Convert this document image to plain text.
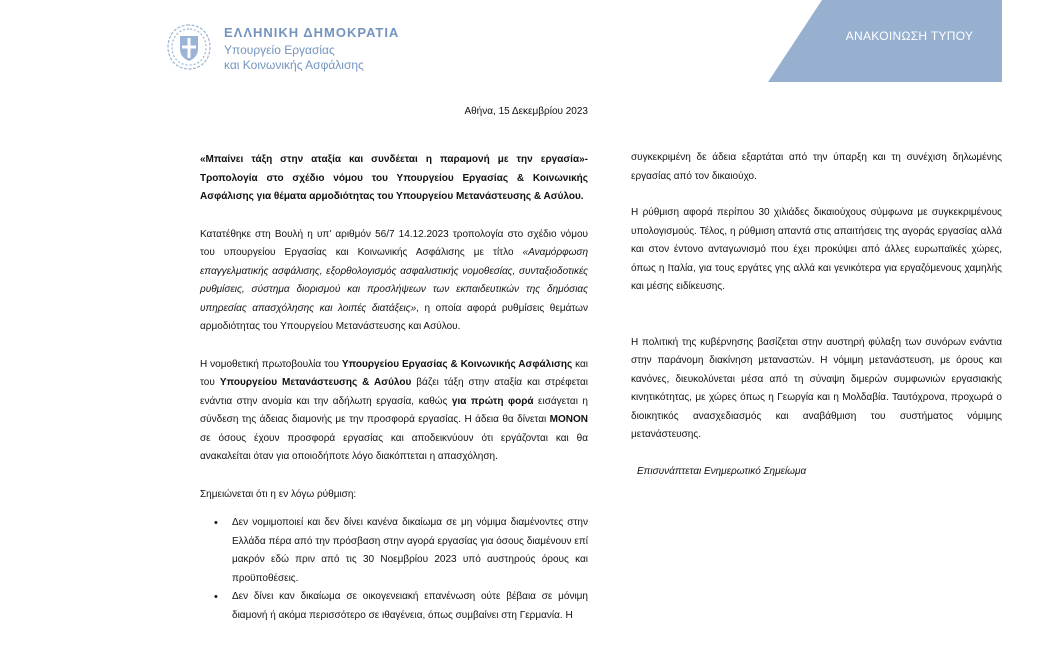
ΕΛΛΗΝΙΚΗ ΔΗΜΟΚΡΑΤΙΑ
Υπουργείο Εργασίας
και Κοινωνικής Ασφάλισης
ΑΝΑΚΟΙΝΩΣΗ ΤΥΠΟΥ
Αθήνα, 15 Δεκεμβρίου 2023

«Μπαίνει τάξη στην αταξία και συνδέεται η παραμονή με την εργασία»- Τροπολογία στο σχέδιο νόμου του Υπουργείου Εργασίας & Κοινωνικής Ασφάλισης για θέματα αρμοδιότητας του Υπουργείου Μετανάστευσης & Ασύλου.

Κατατέθηκε στη Βουλή η υπ' αριθμόν 56/7 14.12.2023 τροπολογία στο σχέδιο νόμου του υπουργείου Εργασίας και Κοινωνικής Ασφάλισης με τίτλο «Αναμόρφωση επαγγελματικής ασφάλισης, εξορθολογισμός ασφαλιστικής νομοθεσίας, συνταξιοδοτικές ρυθμίσεις, σύστημα διορισμού και προσλήψεων των εκπαιδευτικών της δημόσιας υπηρεσίας απασχόλησης και λοιπές διατάξεις», η οποία αφορά ρυθμίσεις θεμάτων αρμοδιότητας του Υπουργείου Μετανάστευσης και Ασύλου.

Η νομοθετική πρωτοβουλία του Υπουργείου Εργασίας & Κοινωνικής Ασφάλισης και του Υπουργείου Μετανάστευσης & Ασύλου βάζει τάξη στην αταξία και στρέφεται ενάντια στην ανομία και την αδήλωτη εργασία, καθώς για πρώτη φορά εισάγεται η σύνδεση της άδειας διαμονής με την προσφορά εργασίας. Η άδεια θα δίνεται ΜΟΝΟΝ σε όσους έχουν προσφορά εργασίας και αποδεικνύουν ότι εργάζονται και θα ανακαλείται όταν για οποιοδήποτε λόγο διακόπτεται η απασχόληση.

Σημειώνεται ότι η εν λόγω ρύθμιση:

• Δεν νομιμοποιεί και δεν δίνει κανένα δικαίωμα σε μη νόμιμα διαμένοντες στην Ελλάδα πέρα από την πρόσβαση στην αγορά εργασίας για όσους διαμένουν επί μακρόν εδώ πριν από τις 30 Νοεμβρίου 2023 υπό αυστηρούς όρους και προϋποθέσεις.
• Δεν δίνει καν δικαίωμα σε οικογενειακή επανένωση ούτε βέβαια σε μόνιμη διαμονή ή ακόμα περισσότερο σε ιθαγένεια, όπως συμβαίνει στη Γερμανία. Η

συγκεκριμένη δε άδεια εξαρτάται από την ύπαρξη και τη συνέχιση δηλωμένης εργασίας από τον δικαιούχο.

Η ρύθμιση αφορά περίπου 30 χιλιάδες δικαιούχους σύμφωνα με συγκεκριμένους υπολογισμούς. Τέλος, η ρύθμιση απαντά στις απαιτήσεις της αγοράς εργασίας αλλά και στον έντονο ανταγωνισμό που έχει προκύψει από άλλες ευρωπαϊκές χώρες, όπως η Ιταλία, για τους εργάτες γης αλλά και γενικότερα για εργαζόμενους χαμηλής και μέσης ειδίκευσης.

Η πολιτική της κυβέρνησης βασίζεται στην αυστηρή φύλαξη των συνόρων ενάντια στην παράνομη διακίνηση μεταναστών. Η νόμιμη μετανάστευση, με όρους και κανόνες, διευκολύνεται μέσα από τη σύναψη διμερών συμφωνιών εργασιακής κινητικότητας, με χώρες όπως η Γεωργία και η Μολδαβία. Ταυτόχρονα, προχωρά ο διοικητικός ανασχεδιασμός και αναβάθμιση του συστήματος νόμιμης μετανάστευσης.

Επισυνάπτεται Ενημερωτικό Σημείωμα
